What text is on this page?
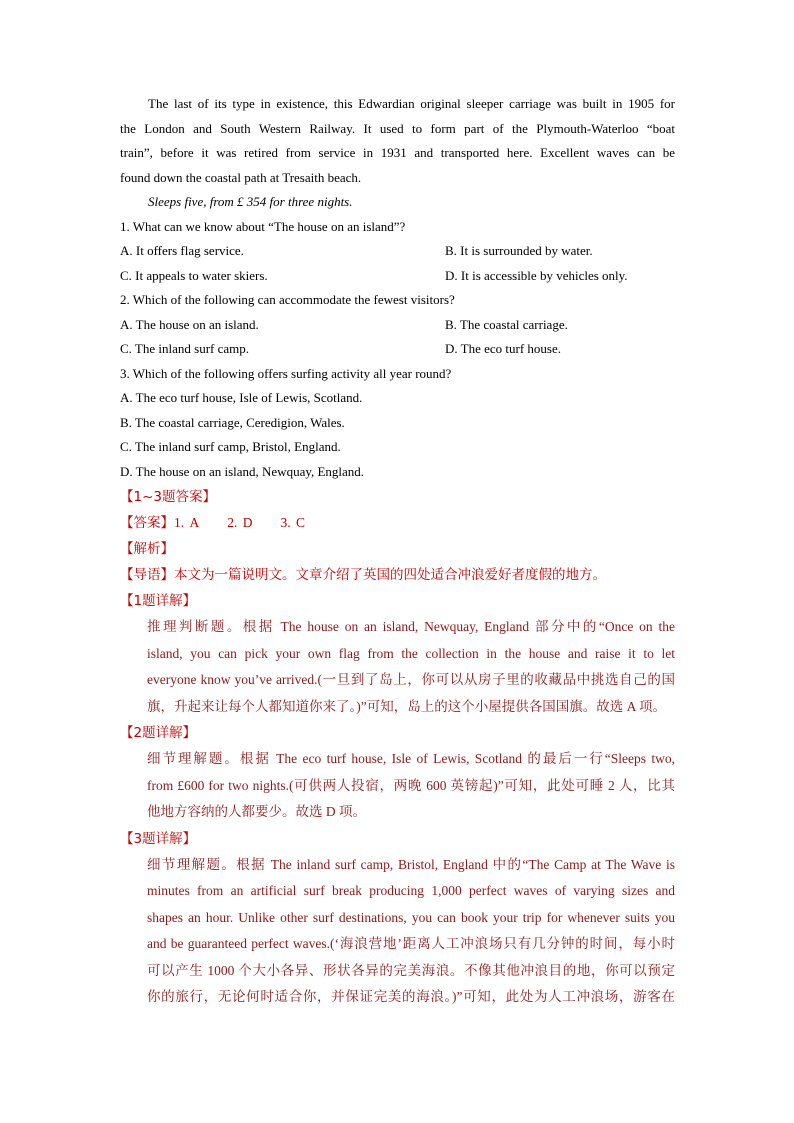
The last of its type in existence, this Edwardian original sleeper carriage was built in 1905 for
the London and South Western Railway. It used to form part of the Plymouth-Waterloo “boat
train”, before it was retired from service in 1931 and transported here. Excellent waves can be
found down the coastal path at Tresaith beach.
Sleeps five, from £ 354 for three nights.
1. What can we know about “The house on an island”?
A. It offers flag service.	B. It is surrounded by water.
C. It appeals to water skiers.	D. It is accessible by vehicles only.
2. Which of the following can accommodate the fewest visitors?
A. The house on an island.	B. The coastal carriage.
C. The inland surf camp.	D. The eco turf house.
3. Which of the following offers surfing activity all year round?
A. The eco turf house, Isle of Lewis, Scotland.
B. The coastal carriage, Ceredigion, Wales.
C. The inland surf camp, Bristol, England.
D. The house on an island, Newquay, England.
【1~3题答案】
【答案】1. A 2. D 3. C
【解析】
【导语】本文为一篇说明文。文章介绍了英国的四处适合冲浪爱好者度假的地方。
【1题详解】
推理判断题。根据 The house on an island, Newquay, England 部分中的“Once on the
island, you can pick your own flag from the collection in the house and raise it to let
everyone know you’ve arrived.(一旦到了岛上，你可以从房子里的收藏品中挑选自己的国
旗，升起来让每个人都知道你来了。)”可知，岛上的这个小屋提供各国国旗。故选 A 项。
【2题详解】
细节理解题。根据 The eco turf house, Isle of Lewis, Scotland 的最后一行“Sleeps two,
from £600 for two nights.(可供两人投宿，两晚 600 英镑起)”可知，此处可睡 2 人，比其
他地方容纳的人都要少。故选 D 项。
【3题详解】
细节理解题。根据 The inland surf camp, Bristol, England 中的“The Camp at The Wave is
minutes from an artificial surf break producing 1,000 perfect waves of varying sizes and
shapes an hour. Unlike other surf destinations, you can book your trip for whenever suits you
and be guaranteed perfect waves.(‘海浪营地’距离人工冲浪场只有几分钟的时间，每小时
可以产生 1000 个大小各异、形状各异的完美海浪。不像其他冲浪目的地，你可以预定
你的旅行，无论何时适合你，并保证完美的海浪。)”可知，此处为人工冲浪场，游客在
